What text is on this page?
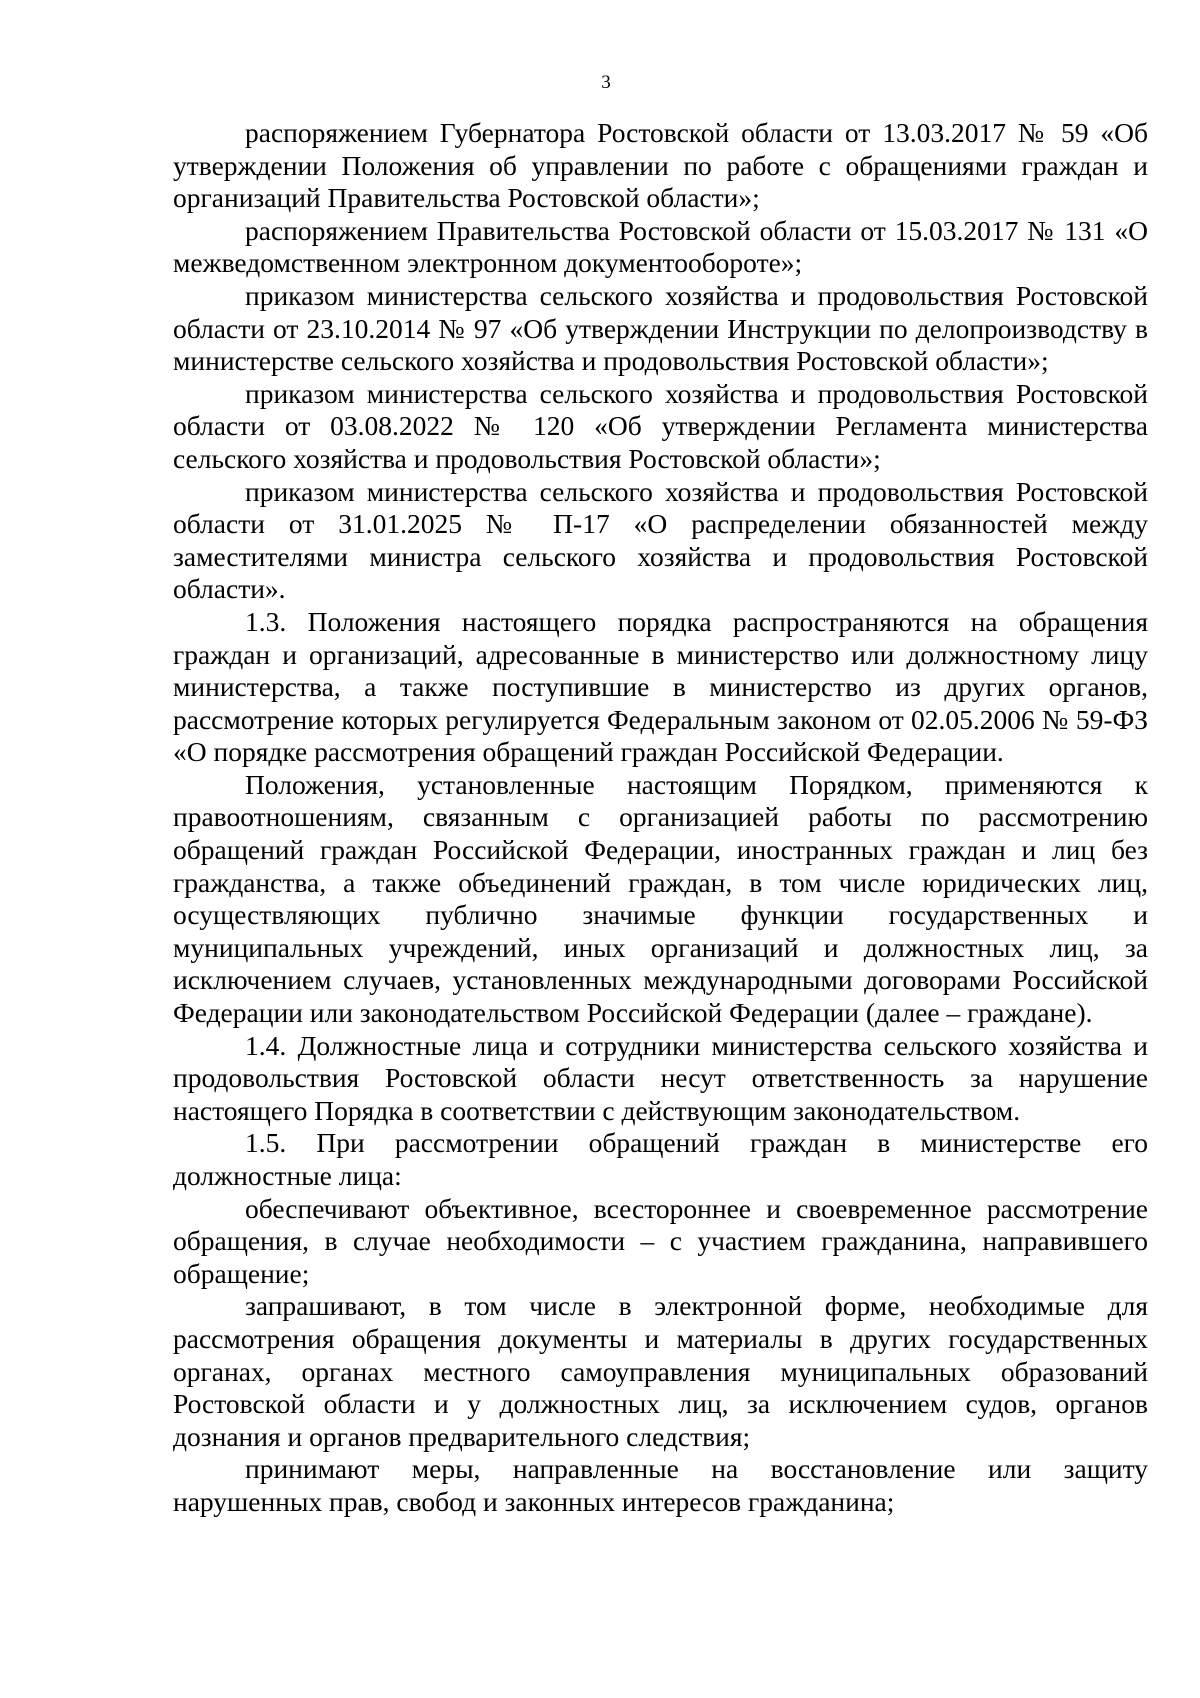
3

распоряжением Губернатора Ростовской области от 13.03.2017 № 59 «Об утверждении Положения об управлении по работе с обращениями граждан и организаций Правительства Ростовской области»;

распоряжением Правительства Ростовской области от 15.03.2017 № 131 «О межведомственном электронном документообороте»;

приказом министерства сельского хозяйства и продовольствия Ростовской области от 23.10.2014 № 97 «Об утверждении Инструкции по делопроизводству в министерстве сельского хозяйства и продовольствия Ростовской области»;

приказом министерства сельского хозяйства и продовольствия Ростовской области от 03.08.2022 № 120 «Об утверждении Регламента министерства сельского хозяйства и продовольствия Ростовской области»;

приказом министерства сельского хозяйства и продовольствия Ростовской области от 31.01.2025 № П-17 «О распределении обязанностей между заместителями министра сельского хозяйства и продовольствия Ростовской области».

1.3. Положения настоящего порядка распространяются на обращения граждан и организаций, адресованные в министерство или должностному лицу министерства, а также поступившие в министерство из других органов, рассмотрение которых регулируется Федеральным законом от 02.05.2006 № 59-ФЗ «О порядке рассмотрения обращений граждан Российской Федерации.

Положения, установленные настоящим Порядком, применяются к правоотношениям, связанным с организацией работы по рассмотрению обращений граждан Российской Федерации, иностранных граждан и лиц без гражданства, а также объединений граждан, в том числе юридических лиц, осуществляющих публично значимые функции государственных и муниципальных учреждений, иных организаций и должностных лиц, за исключением случаев, установленных международными договорами Российской Федерации или законодательством Российской Федерации (далее – граждане).

1.4. Должностные лица и сотрудники министерства сельского хозяйства и продовольствия Ростовской области несут ответственность за нарушение настоящего Порядка в соответствии с действующим законодательством.

1.5. При рассмотрении обращений граждан в министерстве его должностные лица:

обеспечивают объективное, всестороннее и своевременное рассмотрение обращения, в случае необходимости – с участием гражданина, направившего обращение;

запрашивают, в том числе в электронной форме, необходимые для рассмотрения обращения документы и материалы в других государственных органах, органах местного самоуправления муниципальных образований Ростовской области и у должностных лиц, за исключением судов, органов дознания и органов предварительного следствия;

принимают меры, направленные на восстановление или защиту нарушенных прав, свобод и законных интересов гражданина;
